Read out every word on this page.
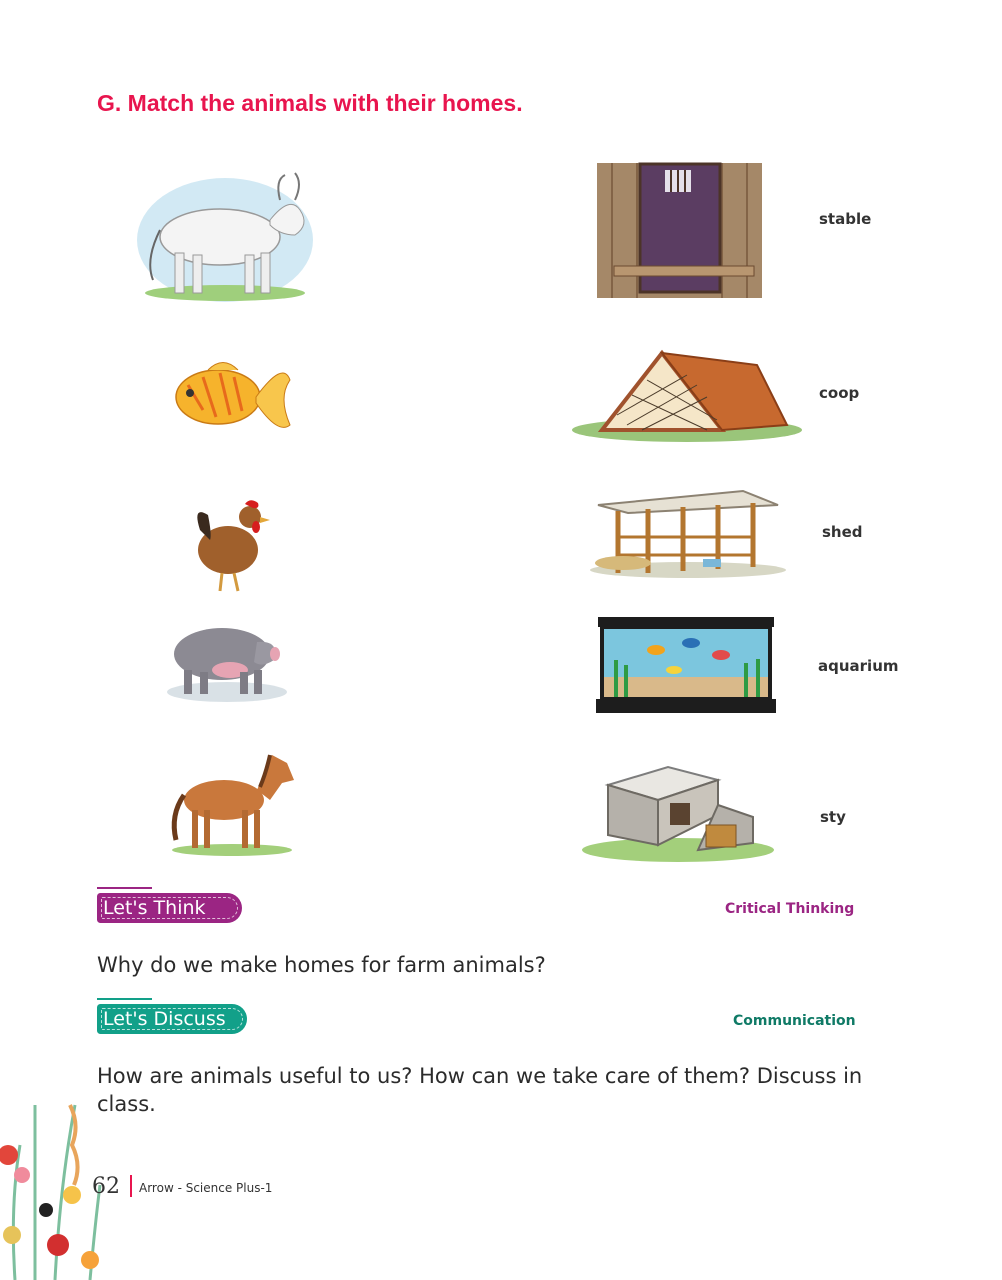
G. Match the animals with their homes.
stable
coop
shed
aquarium
sty
Let's Think	Critical Thinking
Why do we make homes for farm animals?
Let's Discuss	Communication
How are animals useful to us? How can we take care of them? Discuss in class.
62 Arrow - Science Plus-1
